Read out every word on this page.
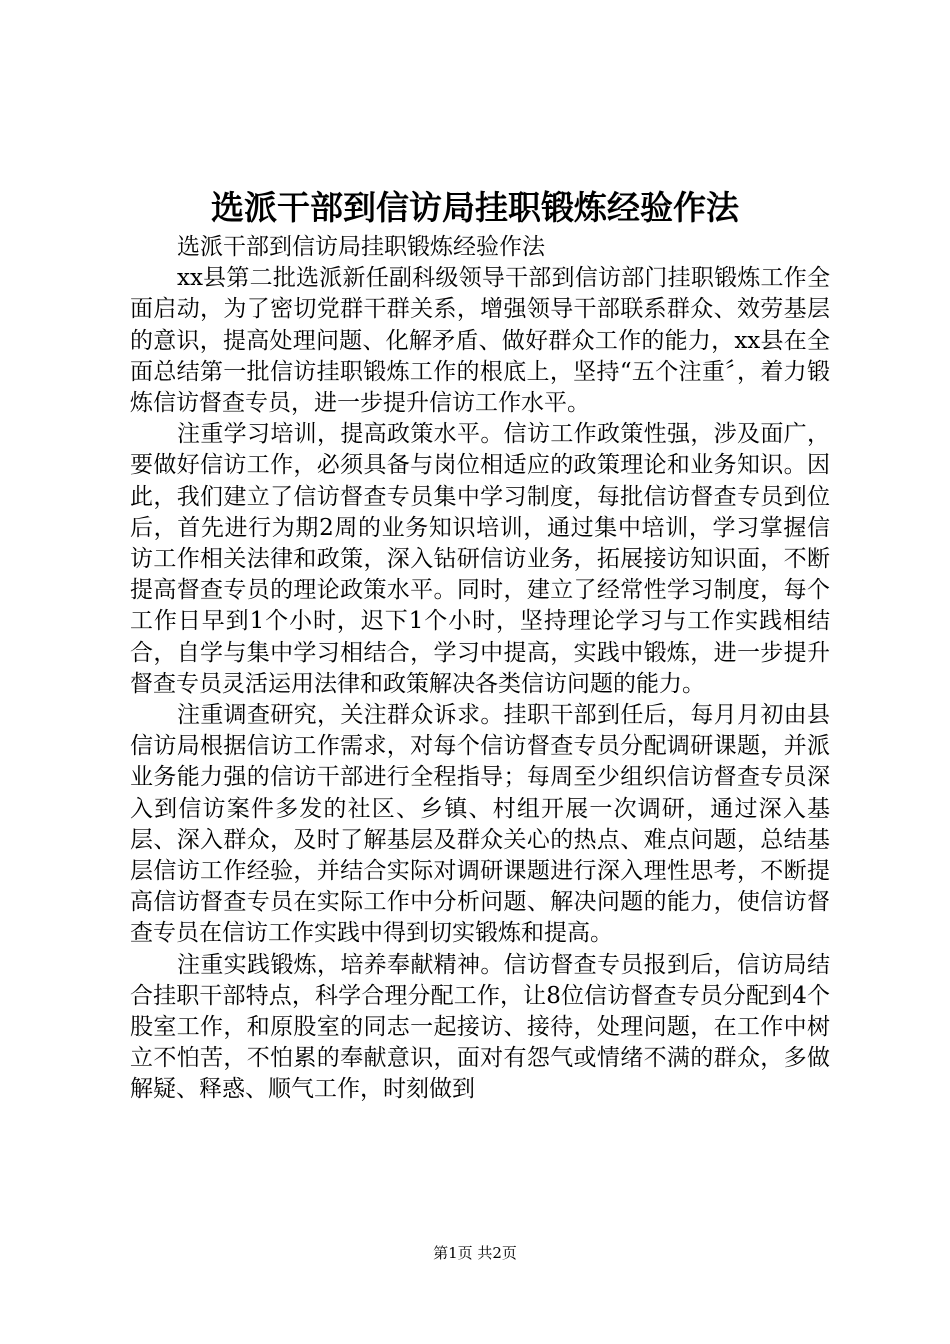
选派干部到信访局挂职锻炼经验作法

选派干部到信访局挂职锻炼经验作法

xx县第二批选派新任副科级领导干部到信访部门挂职锻炼工作全面启动，为了密切党群干群关系，增强领导干部联系群众、效劳基层的意识，提高处理问题、化解矛盾、做好群众工作的能力，xx县在全面总结第一批信访挂职锻炼工作的根底上，坚持“五个注重〞，着力锻炼信访督查专员，进一步提升信访工作水平。

注重学习培训，提高政策水平。信访工作政策性强，涉及面广，要做好信访工作，必须具备与岗位相适应的政策理论和业务知识。因此，我们建立了信访督查专员集中学习制度，每批信访督查专员到位后，首先进行为期2周的业务知识培训，通过集中培训，学习掌握信访工作相关法律和政策，深入钻研信访业务，拓展接访知识面，不断提高督查专员的理论政策水平。同时，建立了经常性学习制度，每个工作日早到1个小时，迟下1个小时，坚持理论学习与工作实践相结合，自学与集中学习相结合，学习中提高，实践中锻炼，进一步提升督查专员灵活运用法律和政策解决各类信访问题的能力。

注重调查研究，关注群众诉求。挂职干部到任后，每月月初由县信访局根据信访工作需求，对每个信访督查专员分配调研课题，并派业务能力强的信访干部进行全程指导；每周至少组织信访督查专员深入到信访案件多发的社区、乡镇、村组开展一次调研，通过深入基层、深入群众，及时了解基层及群众关心的热点、难点问题，总结基层信访工作经验，并结合实际对调研课题进行深入理性思考，不断提高信访督查专员在实际工作中分析问题、解决问题的能力，使信访督查专员在信访工作实践中得到切实锻炼和提高。

注重实践锻炼，培养奉献精神。信访督查专员报到后，信访局结合挂职干部特点，科学合理分配工作，让8位信访督查专员分配到4个股室工作，和原股室的同志一起接访、接待，处理问题，在工作中树立不怕苦，不怕累的奉献意识，面对有怨气或情绪不满的群众，多做解疑、释惑、顺气工作，时刻做到

第1页 共2页
